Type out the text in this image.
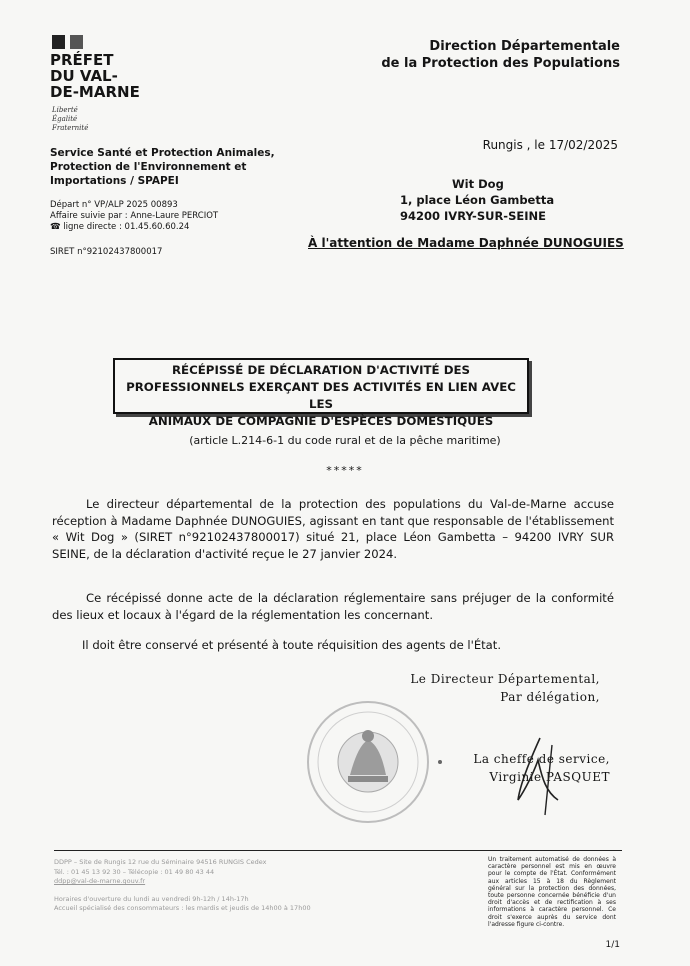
PRÉFET
DU VAL-
DE-MARNE
Liberté
Égalité
Fraternité
Service Santé et Protection Animales,
Protection de l'Environnement et
Importations / SPAPEI
Départ n° VP/ALP 2025 00893
Affaire suivie par : Anne-Laure PERCIOT
☎ ligne directe : 01.45.60.60.24
SIRET n°92102437800017
Direction Départementale
de la Protection des Populations
Rungis , le 17/02/2025
Wit Dog
1, place Léon Gambetta
94200 IVRY-SUR-SEINE
À l'attention de Madame Daphnée DUNOGUIES
RÉCÉPISSÉ DE DÉCLARATION D'ACTIVITÉ DES
PROFESSIONNELS EXERÇANT DES ACTIVITÉS EN LIEN AVEC LES
ANIMAUX DE COMPAGNIE D'ESPÈCES DOMESTIQUES
(article L.214-6-1 du code rural et de la pêche maritime)
*****
Le directeur départemental de la protection des populations du Val-de-Marne accuse réception à Madame Daphnée DUNOGUIES, agissant en tant que responsable de l'établissement « Wit Dog » (SIRET n°92102437800017) situé 21, place Léon Gambetta – 94200 IVRY SUR SEINE, de la déclaration d'activité reçue le 27 janvier 2024.
Ce récépissé donne acte de la déclaration réglementaire sans préjuger de la conformité des lieux et locaux à l'égard de la réglementation les concernant.
Il doit être conservé et présenté à toute réquisition des agents de l'État.
Le Directeur Départemental,
Par délégation,
La cheffe de service,
Virginie PASQUET
DDPP – Site de Rungis 12 rue du Séminaire 94516 RUNGIS Cedex
Tél. : 01 45 13 92 30 – Télécopie : 01 49 80 43 44
ddpp@val-de-marne.gouv.fr
Horaires d'ouverture du lundi au vendredi 9h-12h / 14h-17h
Accueil spécialisé des consommateurs : les mardis et jeudis de 14h00 à 17h00
Un traitement automatisé de données à caractère personnel est mis en œuvre pour le compte de l'État. Conformément aux articles 15 à 18 du Règlement général sur la protection des données, toute personne concernée bénéficie d'un droit d'accès et de rectification à ses informations à caractère personnel. Ce droit s'exerce auprès du service dont l'adresse figure ci-contre.
1/1
